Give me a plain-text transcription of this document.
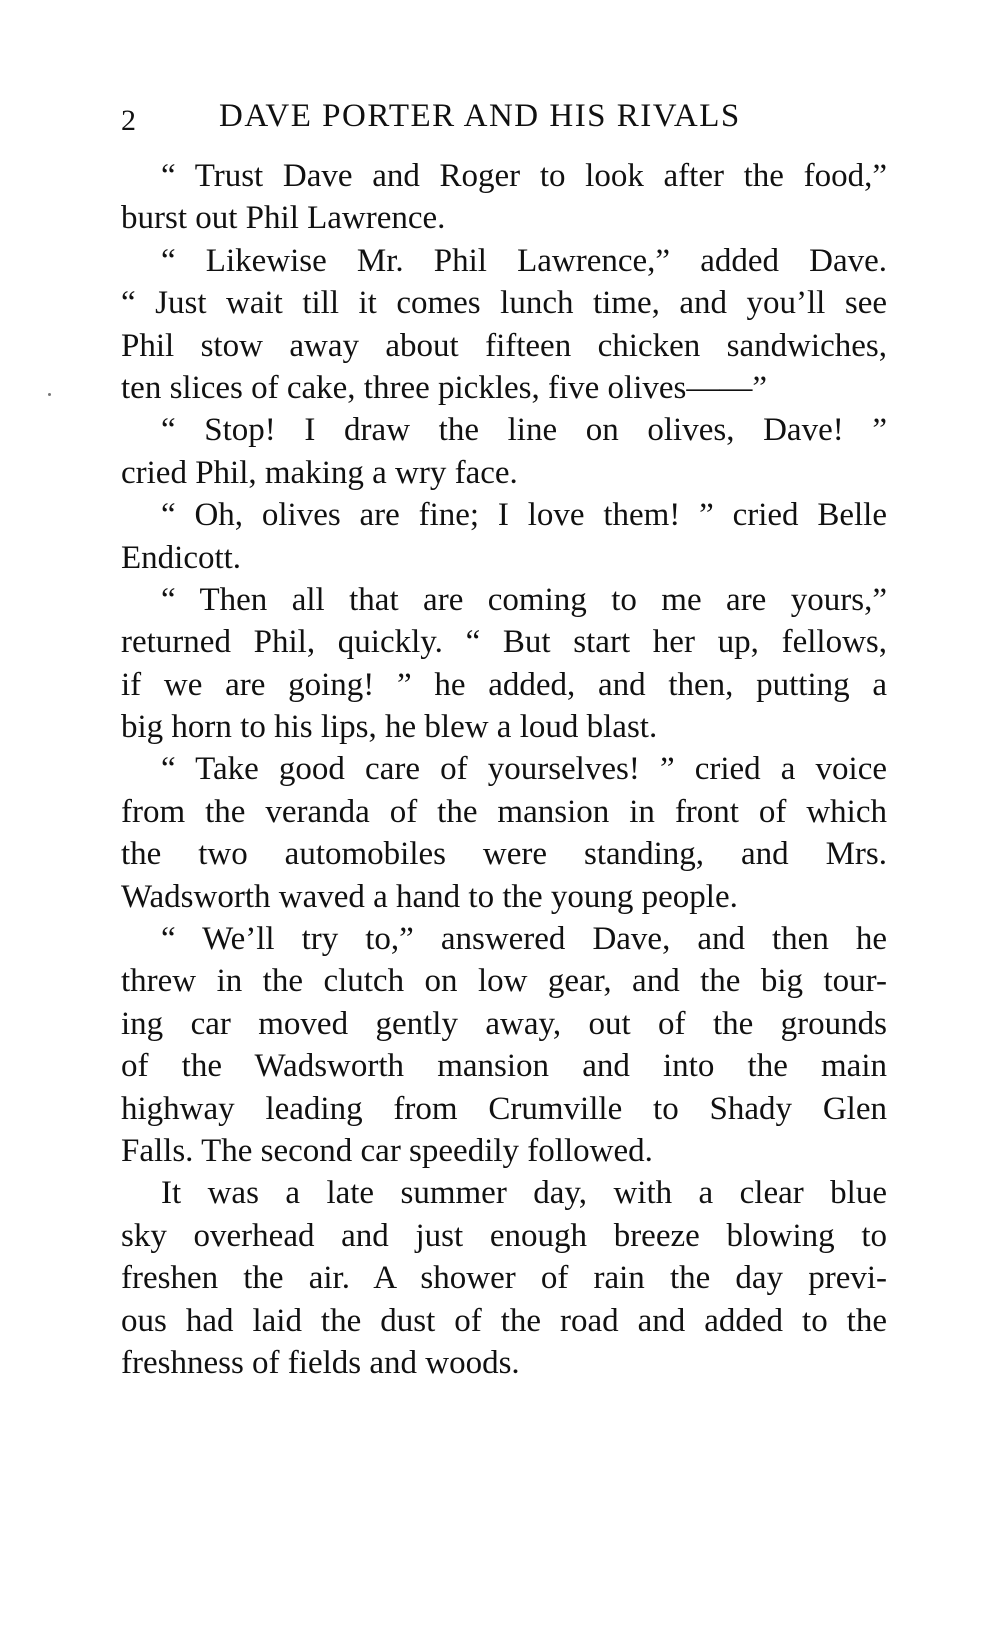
2 DAVE PORTER AND HIS RIVALS
“ Trust Dave and Roger to look after the food,”
burst out Phil Lawrence.
“ Likewise Mr. Phil Lawrence,” added Dave.
“ Just wait till it comes lunch time, and you’ll see
Phil stow away about fifteen chicken sandwiches,
ten slices of cake, three pickles, five olives——”
“ Stop! I draw the line on olives, Dave! ”
cried Phil, making a wry face.
“ Oh, olives are fine; I love them! ” cried Belle
Endicott.
“ Then all that are coming to me are yours,”
returned Phil, quickly. “ But start her up, fellows,
if we are going! ” he added, and then, putting a
big horn to his lips, he blew a loud blast.
“ Take good care of yourselves! ” cried a voice
from the veranda of the mansion in front of which
the two automobiles were standing, and Mrs.
Wadsworth waved a hand to the young people.
“ We’ll try to,” answered Dave, and then he
threw in the clutch on low gear, and the big tour-
ing car moved gently away, out of the grounds
of the Wadsworth mansion and into the main
highway leading from Crumville to Shady Glen
Falls. The second car speedily followed.
It was a late summer day, with a clear blue
sky overhead and just enough breeze blowing to
freshen the air. A shower of rain the day previ-
ous had laid the dust of the road and added to the
freshness of fields and woods.
